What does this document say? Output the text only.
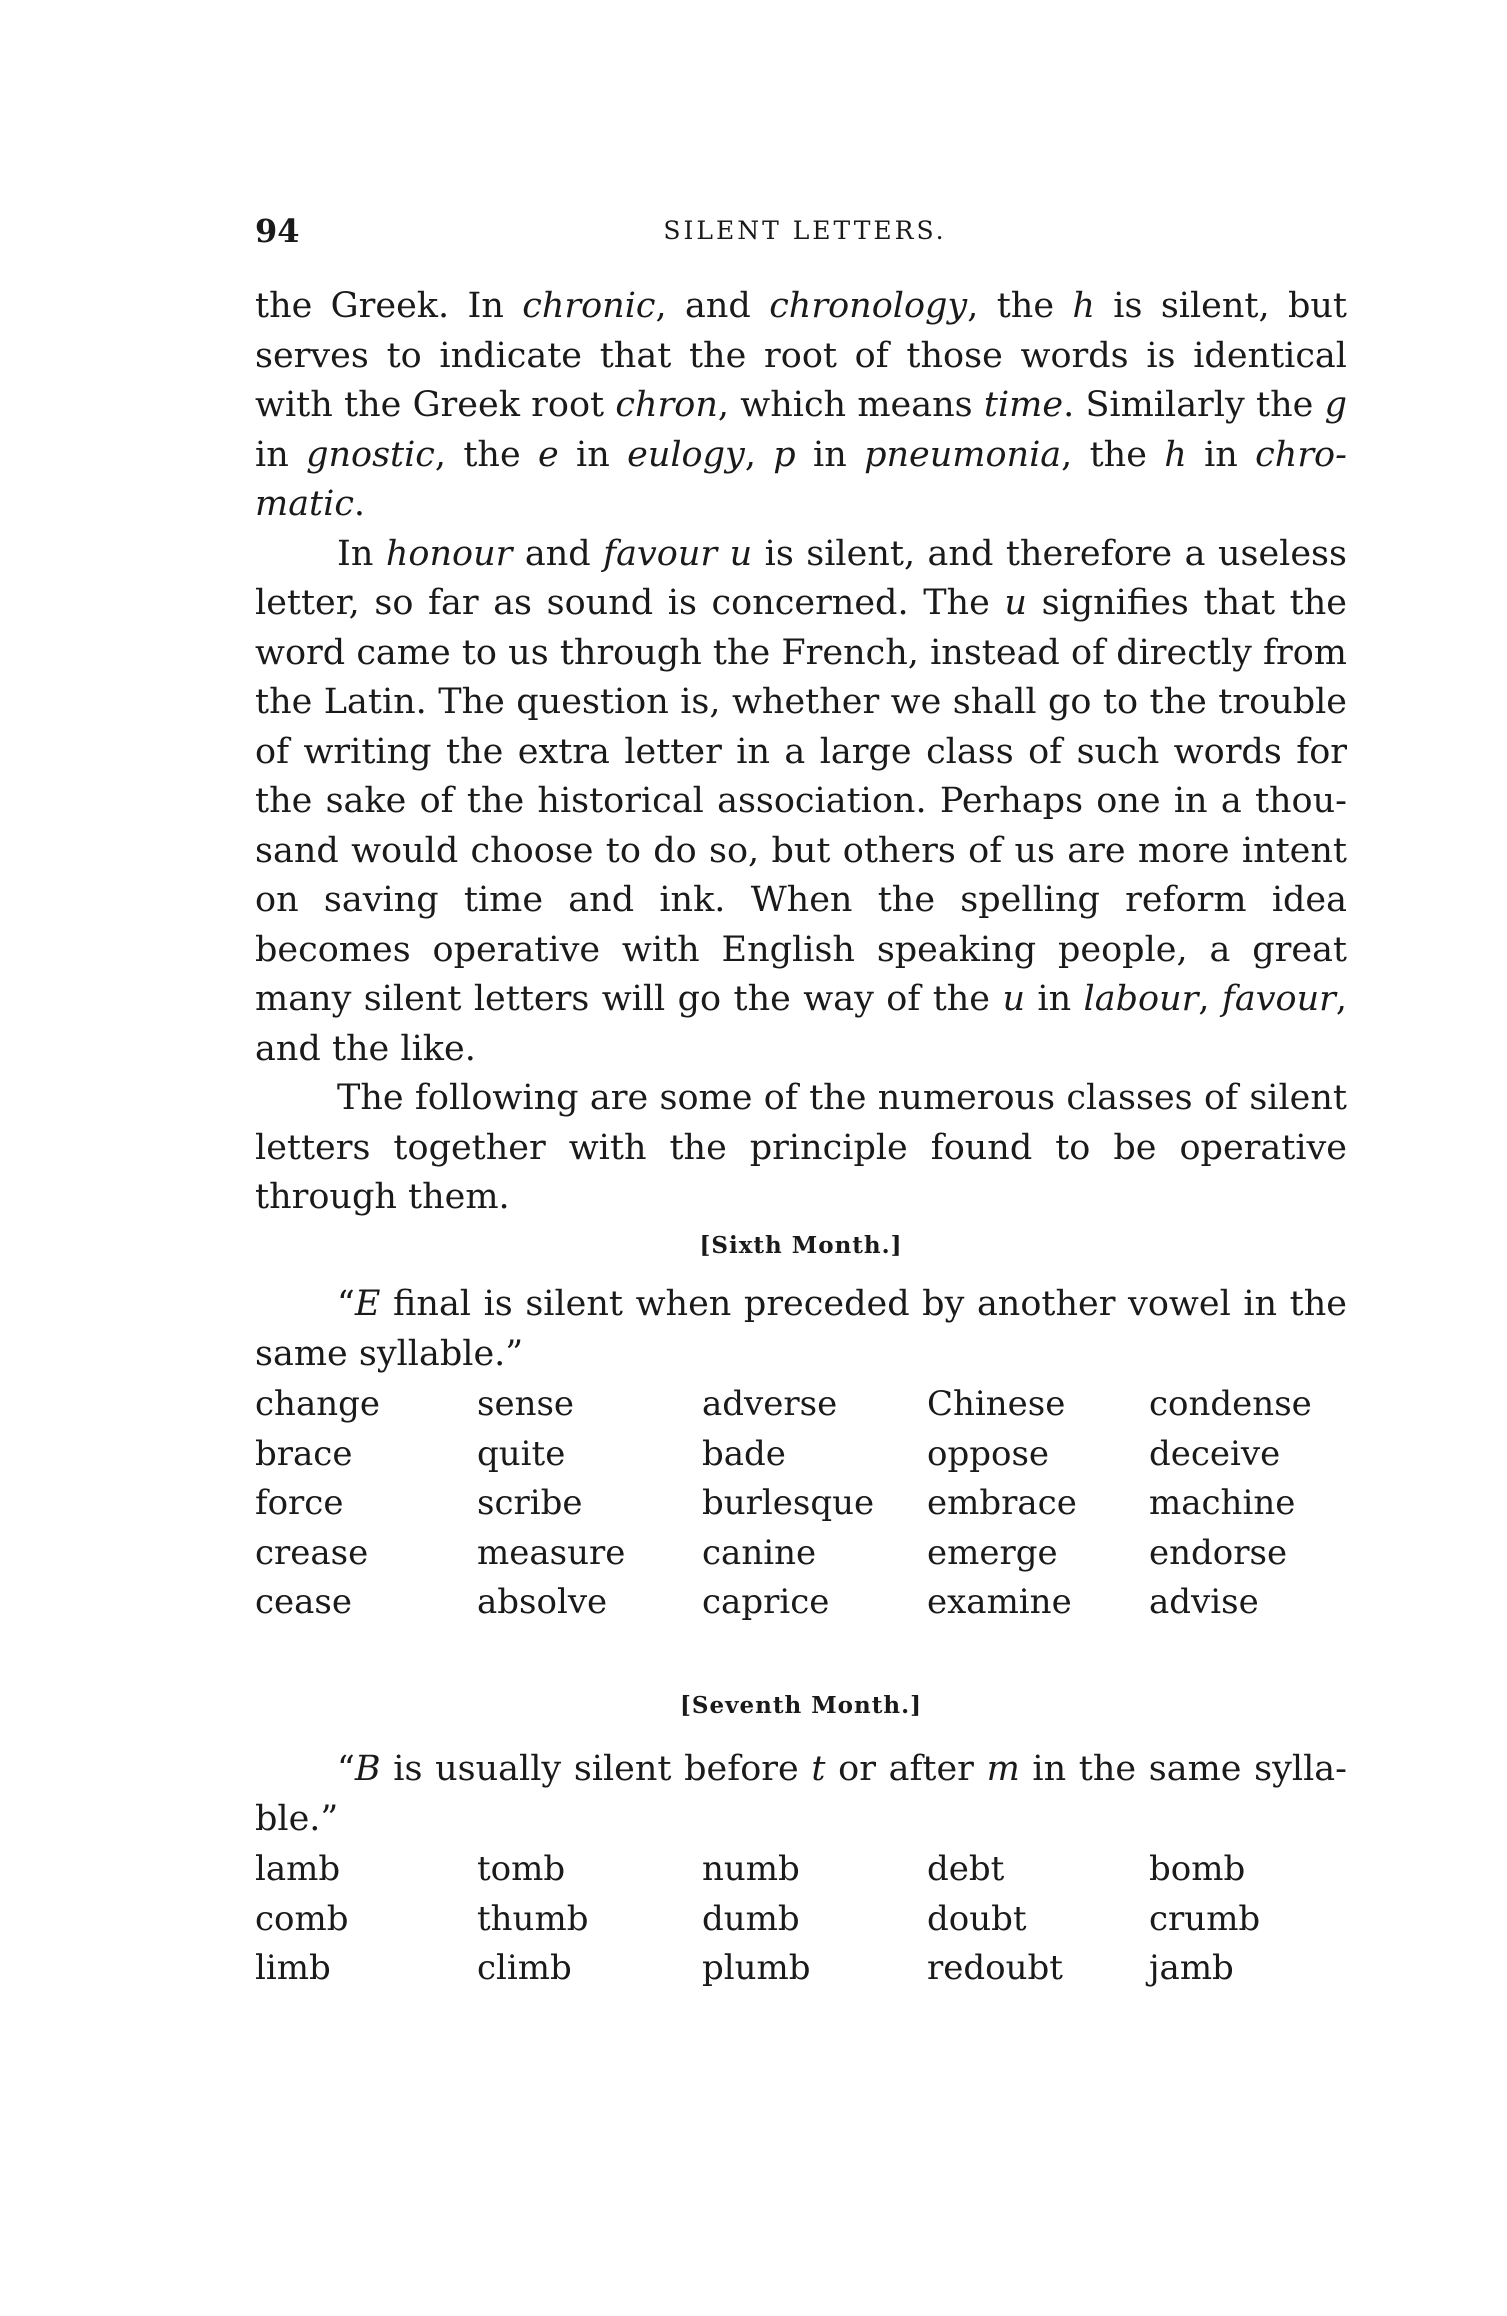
94	SILENT LETTERS.

the Greek. In chronic, and chronology, the h is silent, but serves to indicate that the root of those words is identical with the Greek root chron, which means time. Similarly the g in gnostic, the e in eulogy, p in pneumonia, the h in chro-matic.

In honour and favour u is silent, and therefore a useless letter, so far as sound is concerned. The u signifies that the word came to us through the French, instead of directly from the Latin. The question is, whether we shall go to the trouble of writing the extra letter in a large class of such words for the sake of the historical association. Perhaps one in a thou-sand would choose to do so, but others of us are more intent on saving time and ink. When the spelling reform idea becomes operative with English speaking people, a great many silent letters will go the way of the u in labour, favour, and the like.

The following are some of the numerous classes of silent letters together with the principle found to be operative through them.

[Sixth Month.]

“E final is silent when preceded by another vowel in the same syllable.”

change	sense	adverse	Chinese	condense
brace	quite	bade	oppose	deceive
force	scribe	burlesque	embrace	machine
crease	measure	canine	emerge	endorse
cease	absolve	caprice	examine	advise
[Seventh Month.]

“B is usually silent before t or after m in the same sylla-ble.”

lamb	tomb	numb	debt	bomb
comb	thumb	dumb	doubt	crumb
limb	climb	plumb	redoubt	jamb
